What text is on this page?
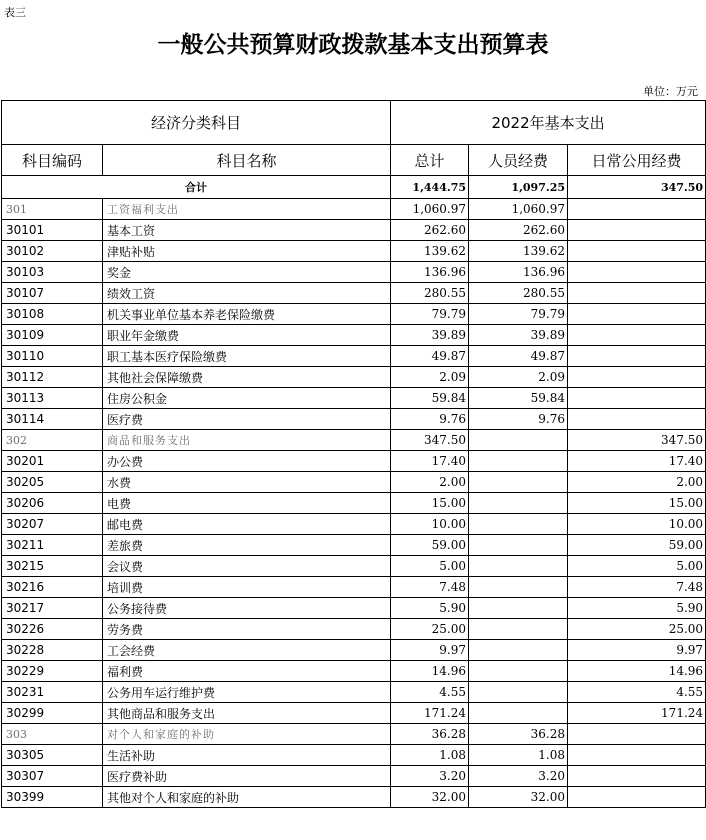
表三
一般公共预算财政拨款基本支出预算表
单位：万元
经济分类科目		2022年基本支出		
科目编码	科目名称	总计	人员经费	日常公用经费
合计		1,444.75	1,097.25	347.50
301	工资福利支出	1,060.97	1,060.97	
30101	基本工资	262.60	262.60	
30102	津贴补贴	139.62	139.62	
30103	奖金	136.96	136.96	
30107	绩效工资	280.55	280.55	
30108	机关事业单位基本养老保险缴费	79.79	79.79	
30109	职业年金缴费	39.89	39.89	
30110	职工基本医疗保险缴费	49.87	49.87	
30112	其他社会保障缴费	2.09	2.09	
30113	住房公积金	59.84	59.84	
30114	医疗费	9.76	9.76	
302	商品和服务支出	347.50		347.50
30201	办公费	17.40		17.40
30205	水费	2.00		2.00
30206	电费	15.00		15.00
30207	邮电费	10.00		10.00
30211	差旅费	59.00		59.00
30215	会议费	5.00		5.00
30216	培训费	7.48		7.48
30217	公务接待费	5.90		5.90
30226	劳务费	25.00		25.00
30228	工会经费	9.97		9.97
30229	福利费	14.96		14.96
30231	公务用车运行维护费	4.55		4.55
30299	其他商品和服务支出	171.24		171.24
303	对个人和家庭的补助	36.28	36.28	
30305	生活补助	1.08	1.08	
30307	医疗费补助	3.20	3.20	
30399	其他对个人和家庭的补助	32.00	32.00	
